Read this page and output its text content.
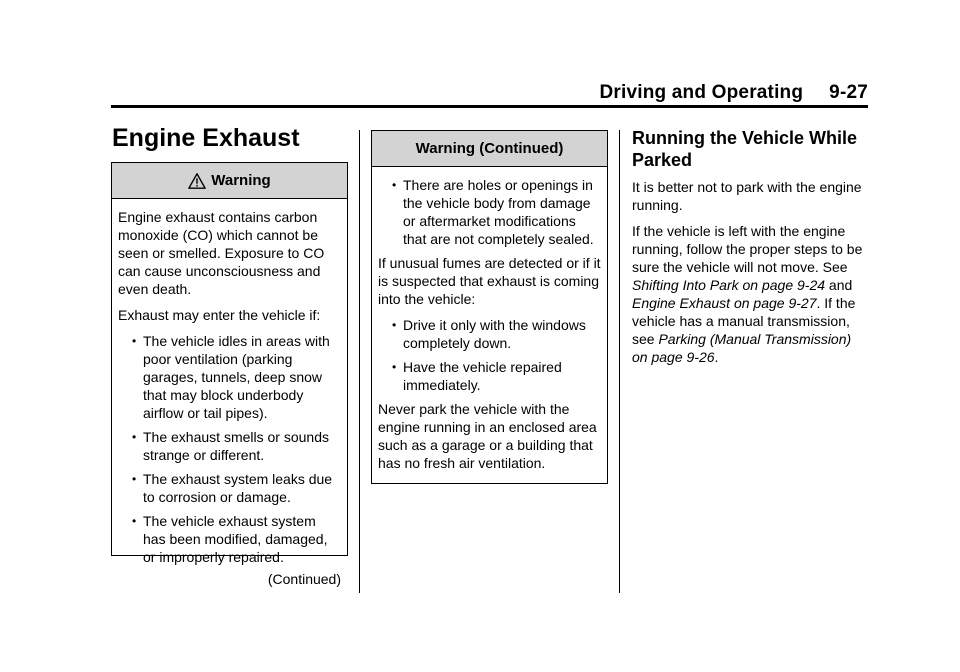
Driving and Operating 9-27
Engine Exhaust
Warning

Engine exhaust contains carbon monoxide (CO) which cannot be seen or smelled. Exposure to CO can cause unconsciousness and even death.

Exhaust may enter the vehicle if:

• The vehicle idles in areas with poor ventilation (parking garages, tunnels, deep snow that may block underbody airflow or tail pipes).
• The exhaust smells or sounds strange or different.
• The exhaust system leaks due to corrosion or damage.
• The vehicle exhaust system has been modified, damaged, or improperly repaired.
(Continued)
Warning (Continued)
• There are holes or openings in the vehicle body from damage or aftermarket modifications that are not completely sealed.

If unusual fumes are detected or if it is suspected that exhaust is coming into the vehicle:

• Drive it only with the windows completely down.
• Have the vehicle repaired immediately.

Never park the vehicle with the engine running in an enclosed area such as a garage or a building that has no fresh air ventilation.

Running the Vehicle While Parked

It is better not to park with the engine running.

If the vehicle is left with the engine running, follow the proper steps to be sure the vehicle will not move. See Shifting Into Park on page 9-24 and Engine Exhaust on page 9-27. If the vehicle has a manual transmission, see Parking (Manual Transmission) on page 9-26.
